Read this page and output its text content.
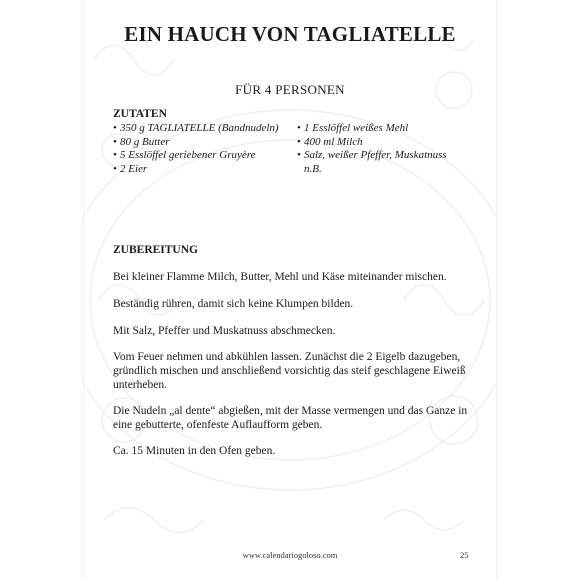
EIN HAUCH VON TAGLIATELLE
FÜR 4 PERSONEN
ZUTATEN
• 350 g TAGLIATELLE (Bandnudeln)
• 80 g Butter
• 5 Esslöffel geriebener Gruyère
• 2 Eier
• 1 Esslöffel weißes Mehl
• 400 ml Milch
• Salz, weißer Pfeffer, Muskatnuss n.B.
ZUBEREITUNG

Bei kleiner Flamme Milch, Butter, Mehl und Käse miteinander mischen.

Beständig rühren, damit sich keine Klumpen bilden.

Mit Salz, Pfeffer und Muskatnuss abschmecken.

Vom Feuer nehmen und abkühlen lassen. Zunächst die 2 Eigelb dazugeben, gründlich mischen und anschließend vorsichtig das steif geschlagene Eiweiß unterheben.

Die Nudeln „al dente“ abgießen, mit der Masse vermengen und das Ganze in eine gebutterte, ofenfeste Auflaufform geben.

Ca. 15 Minuten in den Ofen geben.

www.calendariogoloso.com	25
